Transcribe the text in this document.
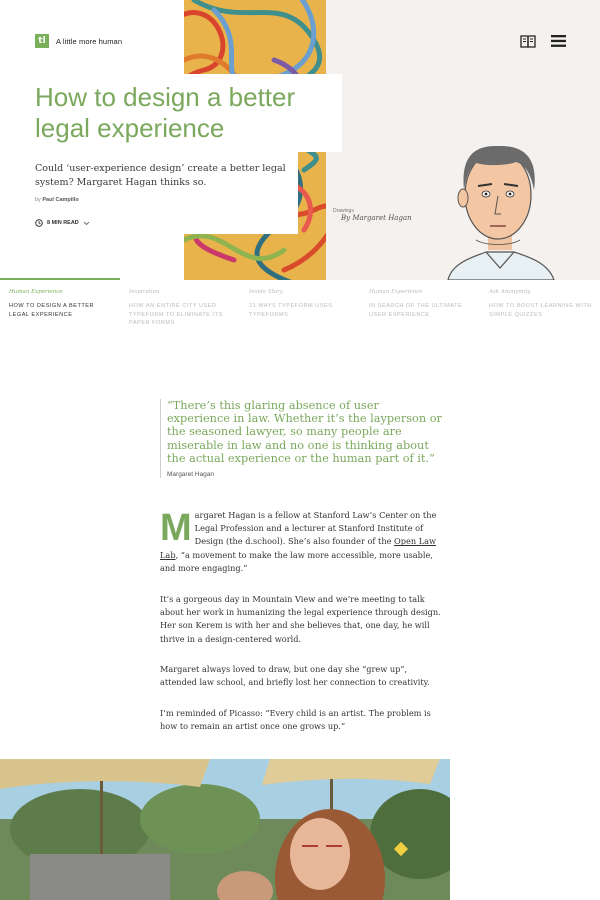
tl	A little more human
How to design a better legal experience
Could ‘user-experience design’ create a better legal system? Margaret Hagan thinks so.
by Paul Campillo
8 MIN READ
Drawings
By Margaret Hagan
Human Experience
HOW TO DESIGN A BETTER LEGAL EXPERIENCE
Inspiration
HOW AN ENTIRE CITY USED TYPEFORM TO ELIMINATE ITS PAPER FORMS
Inside Story
21 WAYS TYPEFORM USES TYPEFORMS
Human Experience
IN SEARCH OF THE ULTIMATE USER EXPERIENCE
Ask Anonymity
HOW TO BOOST LEARNING WITH SIMPLE QUIZZES

“There’s this glaring absence of user experience in law. Whether it’s the layperson or the seasoned lawyer, so many people are miserable in law and no one is thinking about the actual experience or the human part of it.”

Margaret Hagan

Margaret Hagan is a fellow at Stanford Law’s Center on the Legal Profession and a lecturer at Stanford Institute of Design (the d.school). She’s also founder of the Open Law Lab, “a movement to make the law more accessible, more usable, and more engaging.”

It’s a gorgeous day in Mountain View and we’re meeting to talk about her work in humanizing the legal experience through design. Her son Kerem is with her and she believes that, one day, he will thrive in a design-centered world.

Margaret always loved to draw, but one day she “grew up”, attended law school, and briefly lost her connection to creativity.

I’m reminded of Picasso: “Every child is an artist. The problem is how to remain an artist once one grows up.”
